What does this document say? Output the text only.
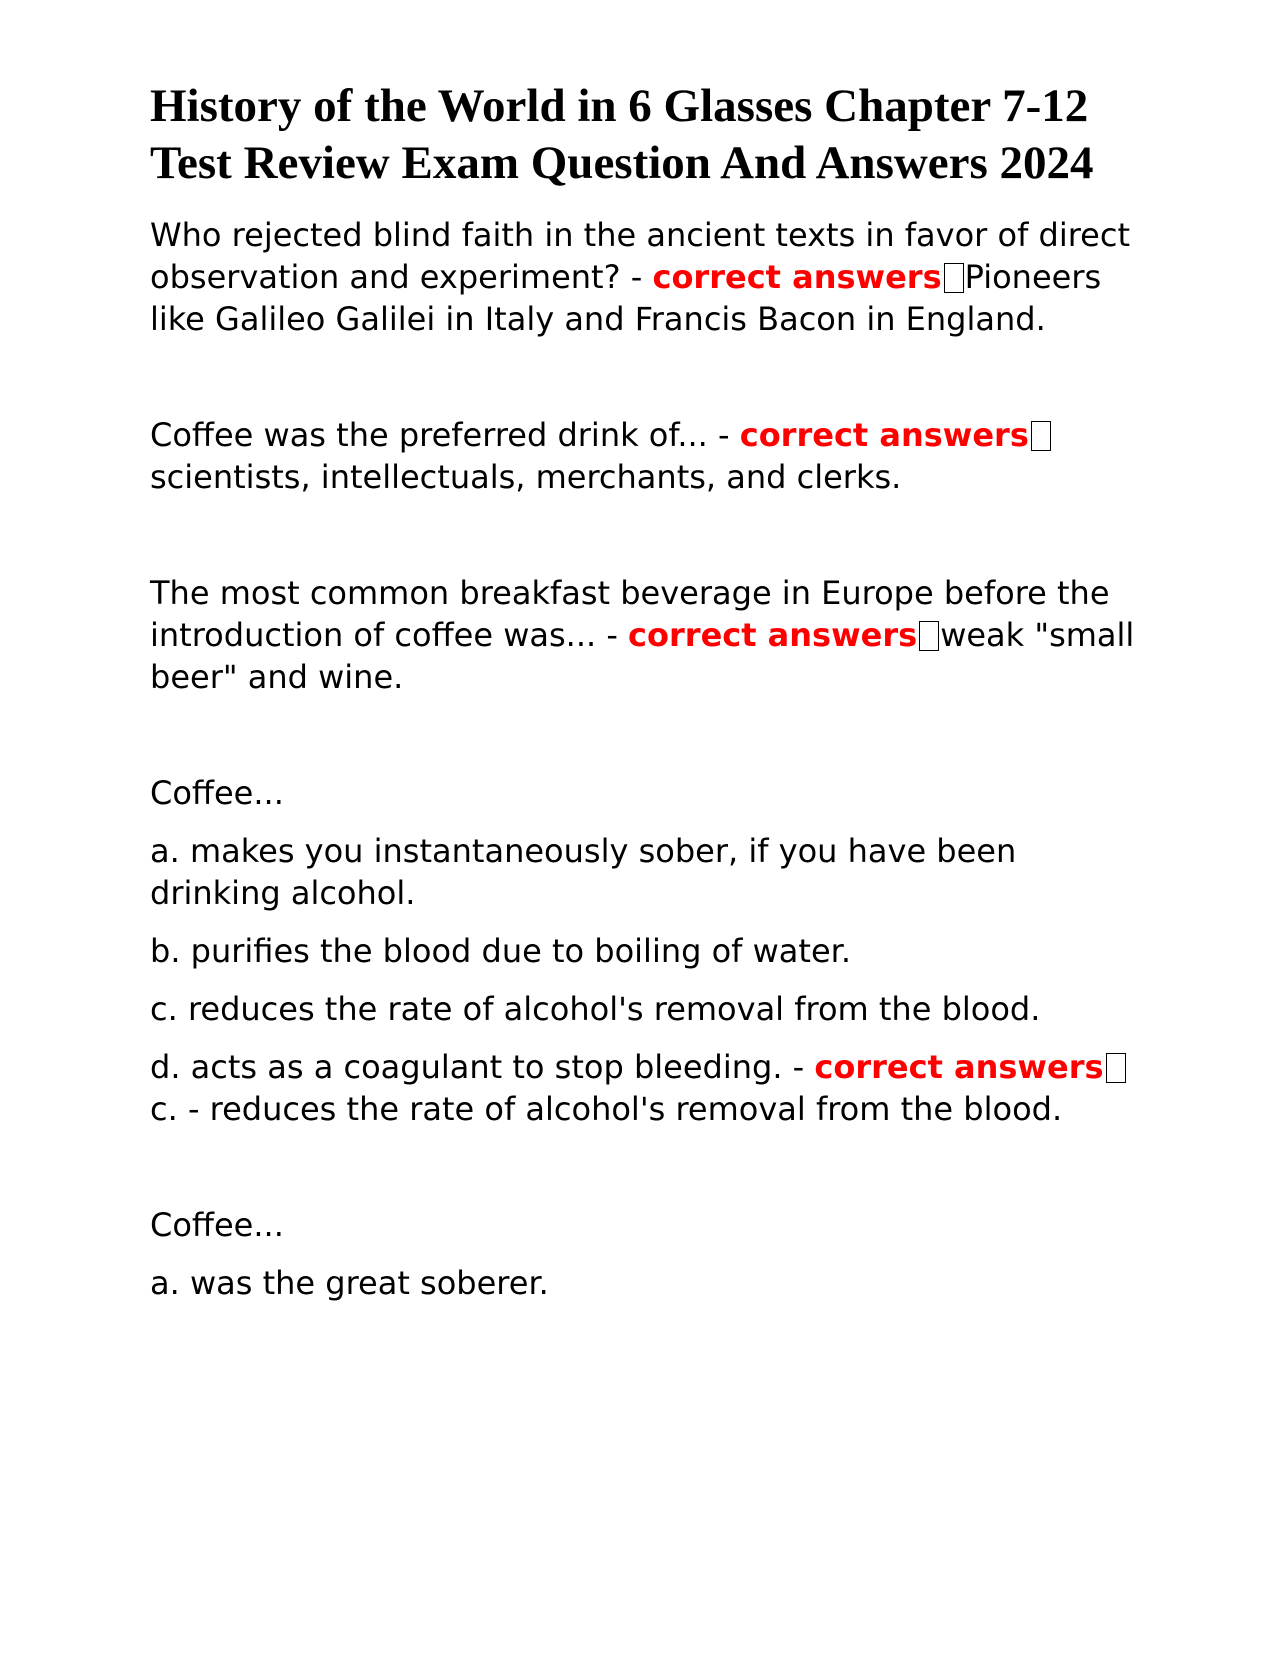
History of the World in 6 Glasses Chapter 7-12 Test Review Exam Question And Answers 2024

Who rejected blind faith in the ancient texts in favor of direct observation and experiment? - correct answers Pioneers like Galileo Galilei in Italy and Francis Bacon in England.

Coffee was the preferred drink of... - correct answersscientists, intellectuals, merchants, and clerks.

The most common breakfast beverage in Europe before the introduction of coffee was... - correct answers weak "small beer" and wine.

Coffee...

a. makes you instantaneously sober, if you have been drinking alcohol.

b. purifies the blood due to boiling of water.

c. reduces the rate of alcohol's removal from the blood.

d. acts as a coagulant to stop bleeding. - correct answersc. - reduces the rate of alcohol's removal from the blood.

Coffee...

a. was the great soberer.
